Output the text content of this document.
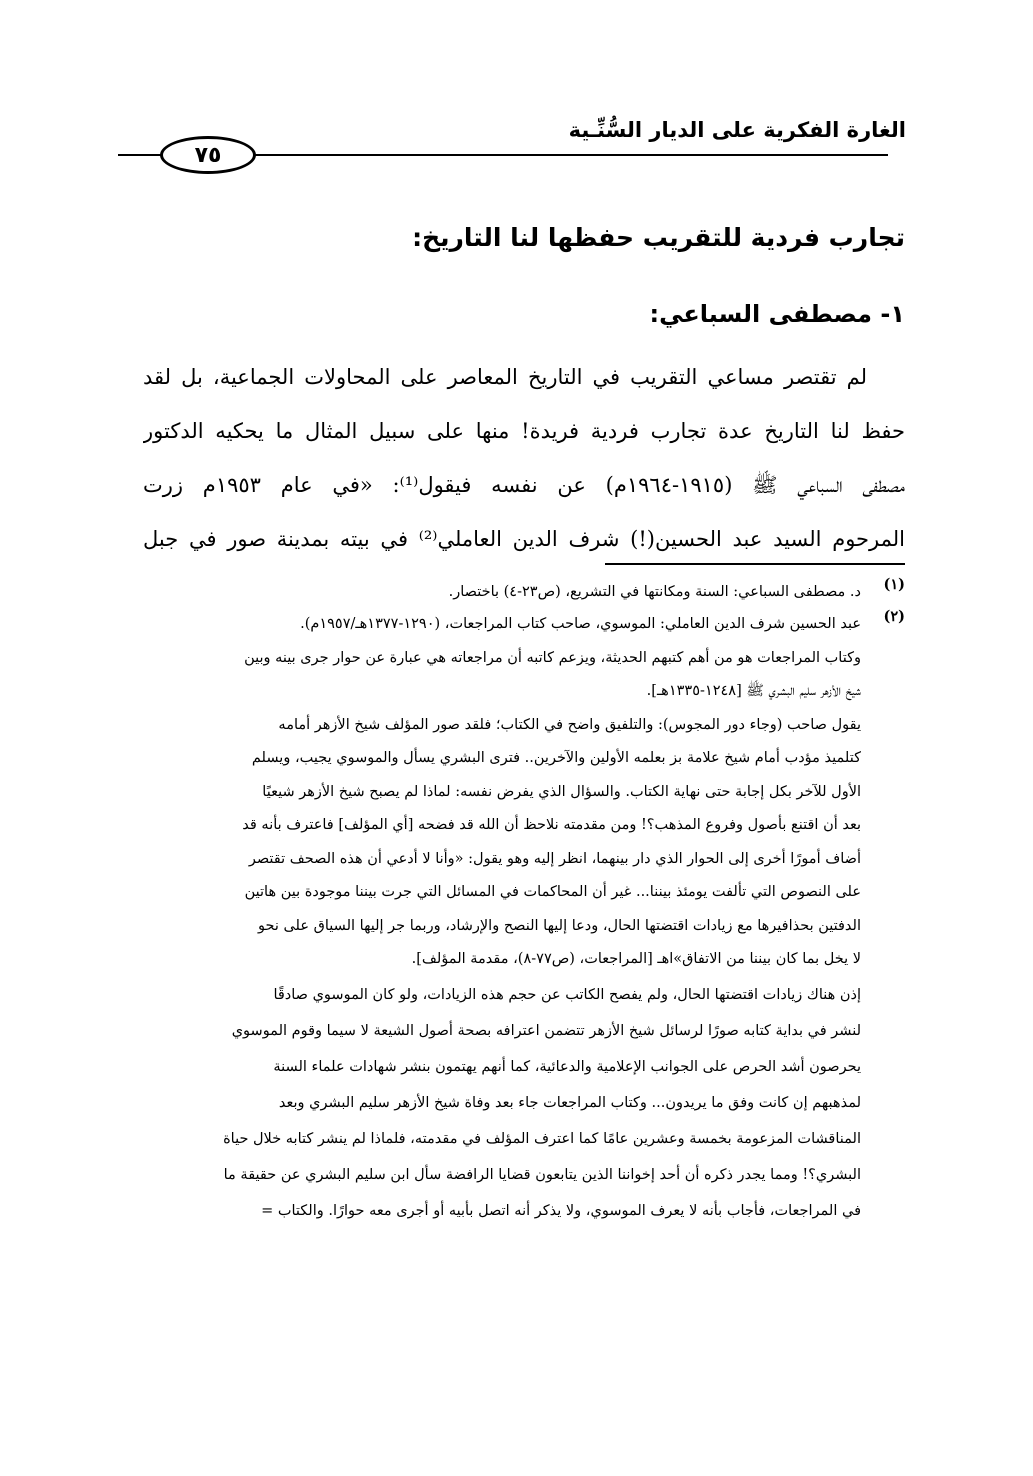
الغارة الفكرية على الديار السُّنِّـية
٧٥
تجارب فردية للتقريب حفظها لنا التاريخ:
١- مصطفى السباعي:
لم تقتصر مساعي التقريب في التاريخ المعاصر على المحاولات الجماعية، بل لقد
حفظ لنا التاريخ عدة تجارب فردية فريدة! منها على سبيل المثال ما يحكيه الدكتور
مصطفى السباعي ﷺ (١٩١٥-١٩٦٤م) عن نفسه فيقول⁽¹⁾: «في عام ١٩٥٣م زرت
المرحوم السيد عبد الحسين(!) شرف الدين العاملي⁽²⁾ في بيته بمدينة صور في جبل
(١)
د. مصطفى السباعي: السنة ومكانتها في التشريع، (ص٢٣-٤) باختصار.
(٢)
عبد الحسين شرف الدين العاملي: الموسوي، صاحب كتاب المراجعات، (١٢٩٠-١٣٧٧هـ/١٩٥٧م).
وكتاب المراجعات هو من أهم كتبهم الحديثة، ويزعم كاتبه أن مراجعاته هي عبارة عن حوار جرى بينه وبين
شيخ الأزهر سليم البشري ﷺ [١٢٤٨-١٣٣٥هـ].
يقول صاحب (وجاء دور المجوس): والتلفيق واضح في الكتاب؛ فلقد صور المؤلف شيخ الأزهر أمامه
كتلميذ مؤدب أمام شيخ علامة بز بعلمه الأولين والآخرين.. فترى البشري يسأل والموسوي يجيب، ويسلم
الأول للآخر بكل إجابة حتى نهاية الكتاب. والسؤال الذي يفرض نفسه: لماذا لم يصبح شيخ الأزهر شيعيًا
بعد أن اقتنع بأصول وفروع المذهب؟! ومن مقدمته نلاحظ أن الله قد فضحه [أي المؤلف] فاعترف بأنه قد
أضاف أمورًا أخرى إلى الحوار الذي دار بينهما، انظر إليه وهو يقول: «وأنا لا أدعي أن هذه الصحف تقتصر
على النصوص التي تألفت يومئذ بيننا... غير أن المحاكمات في المسائل التي جرت بيننا موجودة بين هاتين
الدفتين بحذافيرها مع زيادات اقتضتها الحال، ودعا إليها النصح والإرشاد، وربما جر إليها السياق على نحو
لا يخل بما كان بيننا من الاتفاق»اهـ [المراجعات، (ص٧٧-٨)، مقدمة المؤلف].
إذن هناك زيادات اقتضتها الحال، ولم يفصح الكاتب عن حجم هذه الزيادات، ولو كان الموسوي صادقًا
لنشر في بداية كتابه صورًا لرسائل شيخ الأزهر تتضمن اعترافه بصحة أصول الشيعة لا سيما وقوم الموسوي
يحرصون أشد الحرص على الجوانب الإعلامية والدعائية، كما أنهم يهتمون بنشر شهادات علماء السنة
لمذهبهم إن كانت وفق ما يريدون... وكتاب المراجعات جاء بعد وفاة شيخ الأزهر سليم البشري وبعد
المناقشات المزعومة بخمسة وعشرين عامًا كما اعترف المؤلف في مقدمته، فلماذا لم ينشر كتابه خلال حياة
البشري؟! ومما يجدر ذكره أن أحد إخواننا الذين يتابعون قضايا الرافضة سأل ابن سليم البشري عن حقيقة ما
في المراجعات، فأجاب بأنه لا يعرف الموسوي، ولا يذكر أنه اتصل بأبيه أو أجرى معه حوارًا. والكتاب =
